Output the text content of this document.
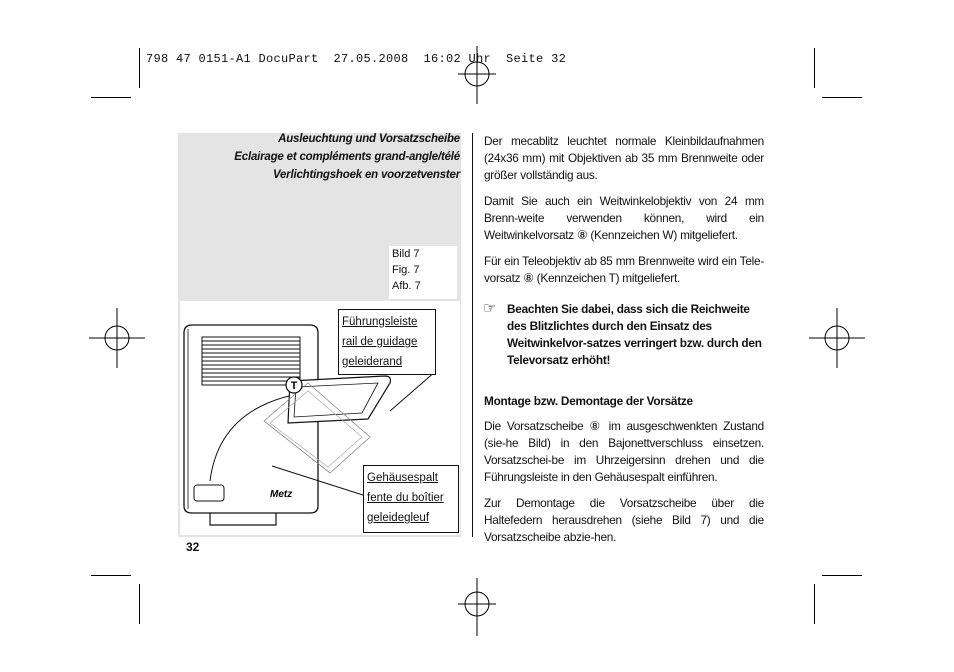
798 47 0151-A1 DocuPart  27.05.2008  16:02 Uhr  Seite 32
Ausleuchtung und Vorsatzscheibe
Eclairage et compléments grand-angle/télé
Verlichtingshoek en voorzetvenster
Bild 7
Fig. 7
Afb. 7
T
Metz
Führungsleiste
rail de guidage
geleiderand
Gehäusespalt
fente du boîtier
geleidegleuf
32

Der mecablitz leuchtet normale Kleinbildaufnahmen (24x36 mm) mit Objektiven ab 35 mm Brennweite oder größer vollständig aus.

Damit Sie auch ein Weitwinkelobjektiv von 24 mm Brenn-weite verwenden können, wird ein Weitwinkelvorsatz ⑧ (Kennzeichen W) mitgeliefert.

Für ein Teleobjektiv ab 85 mm Brennweite wird ein Tele-vorsatz ⑧ (Kennzeichen T) mitgeliefert.

☞ Beachten Sie dabei, dass sich die Reichweite des Blitzlichtes durch den Einsatz des Weitwinkelvor-satzes verringert bzw. durch den Televorsatz erhöht!
Montage bzw. Demontage der Vorsätze

Die Vorsatzscheibe ⑧ im ausgeschwenkten Zustand (sie-he Bild) in den Bajonettverschluss einsetzen. Vorsatzschei-be im Uhrzeigersinn drehen und die Führungsleiste in den Gehäusespalt einführen.

Zur Demontage die Vorsatzscheibe über die Haltefedern herausdrehen (siehe Bild 7) und die Vorsatzscheibe abzie-hen.
